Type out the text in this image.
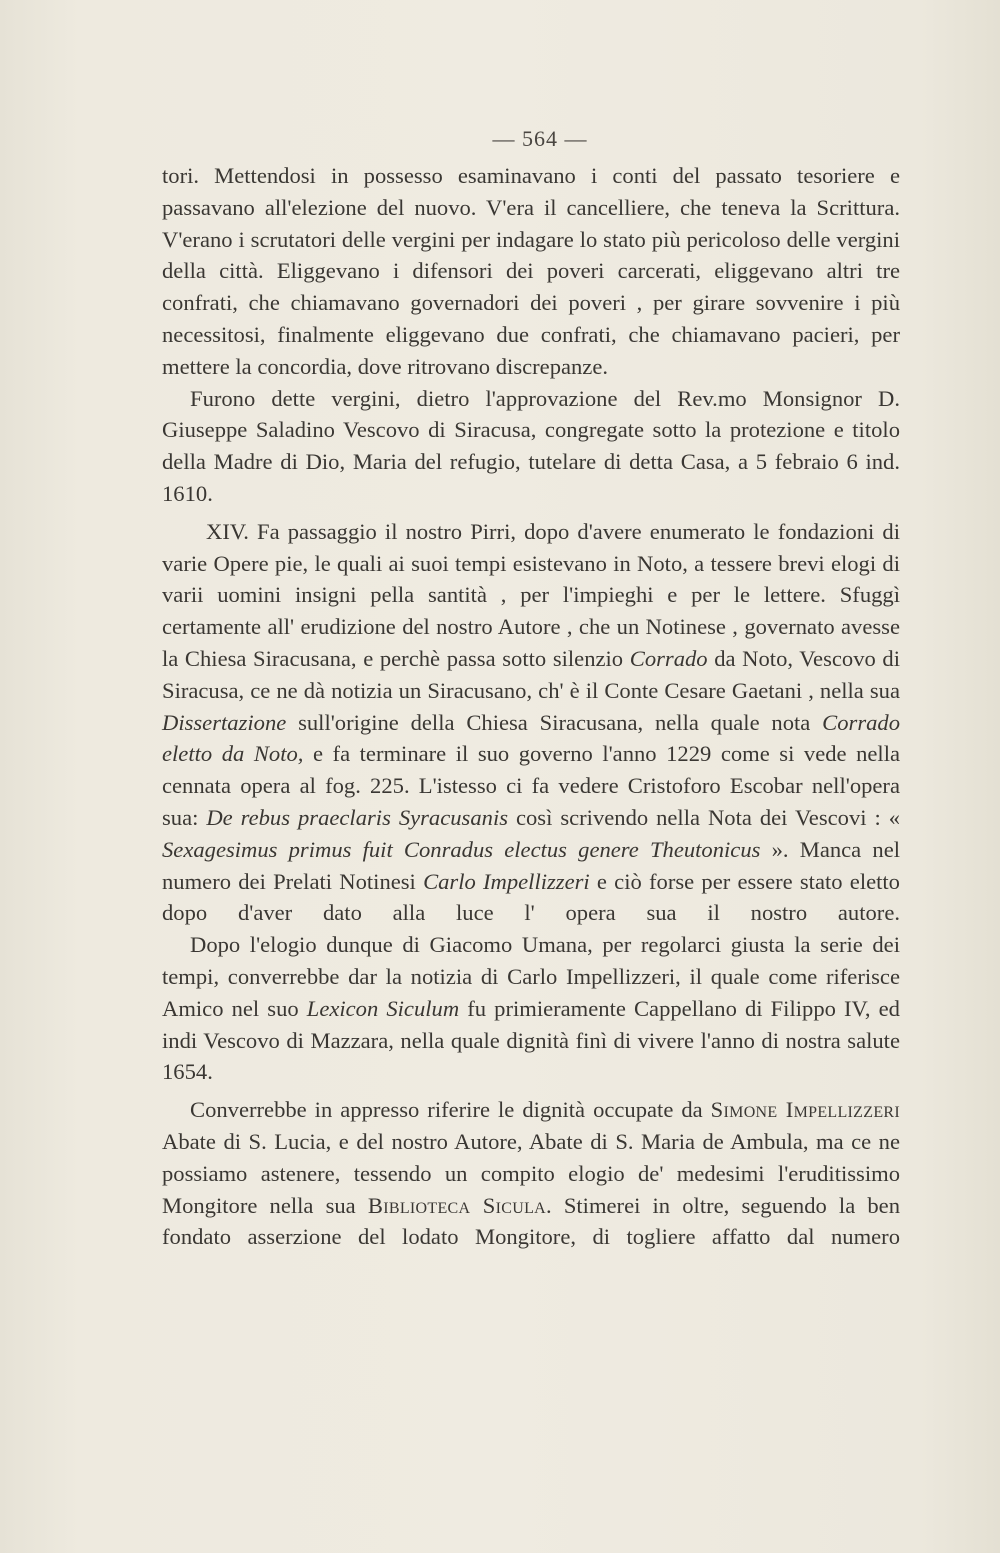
— 564 —

tori. Mettendosi in possesso esaminavano i conti del passato tesoriere e passavano all'elezione del nuovo. V'era il cancelliere, che teneva la Scrittura. V'erano i scrutatori delle vergini per indagare lo stato più pericoloso delle vergini della città. Eliggevano i difensori dei poveri carcerati, eliggevano altri tre confrati, che chiamavano governadori dei poveri , per girare sovvenire i più necessitosi, finalmente eliggevano due confrati, che chiamavano pacieri, per mettere la concordia, dove ritrovano discrepanze.

Furono dette vergini, dietro l'approvazione del Rev.mo Monsignor D. Giuseppe Saladino Vescovo di Siracusa, congregate sotto la protezione e titolo della Madre di Dio, Maria del refugio, tutelare di detta Casa, a 5 febraio 6 ind. 1610.

XIV. Fa passaggio il nostro Pirri, dopo d'avere enumerato le fondazioni di varie Opere pie, le quali ai suoi tempi esistevano in Noto, a tessere brevi elogi di varii uomini insigni pella santità , per l'impieghi e per le lettere. Sfuggì certamente all' erudizione del nostro Autore , che un Notinese , governato avesse la Chiesa Siracusana, e perchè passa sotto silenzio Corrado da Noto, Vescovo di Siracusa, ce ne dà notizia un Siracusano, ch' è il Conte Cesare Gaetani , nella sua Dissertazione sull'origine della Chiesa Siracusana, nella quale nota Corrado eletto da Noto, e fa terminare il suo governo l'anno 1229 come si vede nella cennata opera al fog. 225. L'istesso ci fa vedere Cristoforo Escobar nell'opera sua: De rebus praeclaris Syracusanis così scrivendo nella Nota dei Vescovi : « Sexagesimus primus fuit Conradus electus genere Theutonicus ». Manca nel numero dei Prelati Notinesi Carlo Impellizzeri e ciò forse per essere stato eletto dopo d'aver dato alla luce l' opera sua il nostro autore.

Dopo l'elogio dunque di Giacomo Umana, per regolarci giusta la serie dei tempi, converrebbe dar la notizia di Carlo Impellizzeri, il quale come riferisce Amico nel suo Lexicon Siculum fu primieramente Cappellano di Filippo IV, ed indi Vescovo di Mazzara, nella quale dignità finì di vivere l'anno di nostra salute 1654.

Converrebbe in appresso riferire le dignità occupate da Simone Impellizzeri Abate di S. Lucia, e del nostro Autore, Abate di S. Maria de Ambula, ma ce ne possiamo astenere, tessendo un compito elogio de' medesimi l'eruditissimo Mongitore nella sua Biblioteca Sicula. Stimerei in oltre, seguendo la ben fondato asserzione del lodato Mongitore, di togliere affatto dal numero
